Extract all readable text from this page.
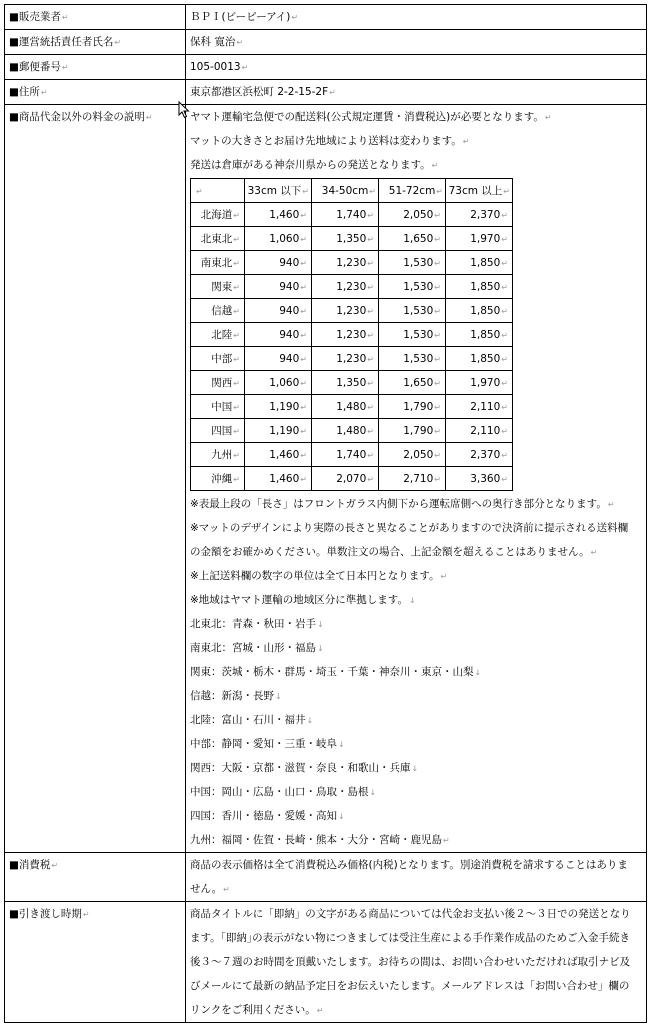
■販売業者↵	ＢＰＩ(ビーピーアイ)↵

■運営統括責任者氏名↵	保科 寛治↵

■郵便番号↵	105-0013↵

■住所↵	東京都港区浜松町 2-2-15-2F↵

■商品代金以外の料金の説明↵	ヤマト運輸宅急便での配送料(公式規定運賃・消費税込)が必要となります。↵
マットの大きさとお届け先地域により送料は変わります。↵
発送は倉庫がある神奈川県からの発送となります。↵
↵	33cm 以下↵	34-50cm↵	51-72cm↵	73cm 以上↵
北海道↵	1,460↵	1,740↵	2,050↵	2,370↵
北東北↵	1,060↵	1,350↵	1,650↵	1,970↵
南東北↵	940↵	1,230↵	1,530↵	1,850↵
関東↵	940↵	1,230↵	1,530↵	1,850↵
信越↵	940↵	1,230↵	1,530↵	1,850↵
北陸↵	940↵	1,230↵	1,530↵	1,850↵
中部↵	940↵	1,230↵	1,530↵	1,850↵
関西↵	1,060↵	1,350↵	1,650↵	1,970↵
中国↵	1,190↵	1,480↵	1,790↵	2,110↵
四国↵	1,190↵	1,480↵	1,790↵	2,110↵
九州↵	1,460↵	1,740↵	2,050↵	2,370↵
沖縄↵	1,460↵	2,070↵	2,710↵	3,360↵
※表最上段の「長さ」はフロントガラス内側下から運転席側への奥行き部分となります。↵
※マットのデザインにより実際の長さと異なることがありますので決済前に提示される送料欄
の金額をお確かめください。単数注文の場合、上記金額を超えることはありません。↵
※上記送料欄の数字の単位は全て日本円となります。↵
※地域はヤマト運輸の地域区分に準拠します。↓
北東北：青森・秋田・岩手↓
南東北：宮城・山形・福島↓
関東：茨城・栃木・群馬・埼玉・千葉・神奈川・東京・山梨↓
信越：新潟・長野↓
北陸：富山・石川・福井↓
中部：静岡・愛知・三重・岐阜↓
関西：大阪・京都・滋賀・奈良・和歌山・兵庫↓
中国：岡山・広島・山口・鳥取・島根↓
四国：香川・徳島・愛媛・高知↓
九州：福岡・佐賀・長崎・熊本・大分・宮崎・鹿児島↵

■消費税↵	商品の表示価格は全て消費税込み価格(内税)となります。別途消費税を請求することはありま
せん。↵

■引き渡し時期↵	商品タイトルに「即納」の文字がある商品については代金お支払い後２～３日での発送となり
ます。｢即納｣の表示がない物につきましては受注生産による手作業作成品のためご入金手続き
後３～７週のお時間を頂戴いたします。お待ちの間は、お問い合わせいただければ取引ナビ及
びメールにて最新の納品予定日をお伝えいたします。メールアドレスは「お問い合わせ」欄の
リンクをご利用ください。↵
